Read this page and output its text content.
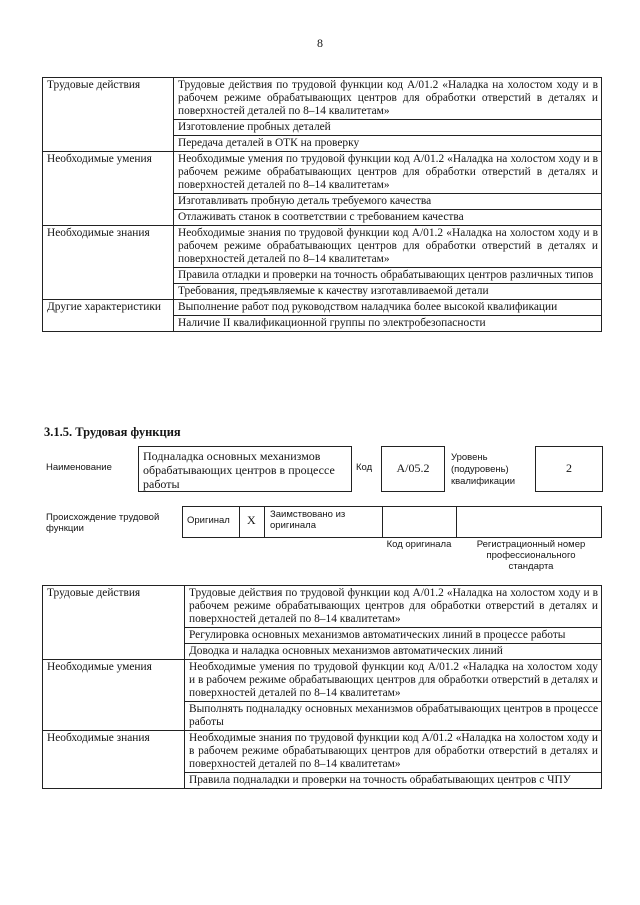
8
Трудовые действия	Трудовые действия по трудовой функции код А/01.2 «Наладка на холостом ходу и в рабочем режиме обрабатывающих центров для обработки отверстий в деталях и поверхностей деталей по 8–14 квалитетам»
	Изготовление пробных деталей
	Передача деталей в ОТК на проверку
Необходимые умения	Необходимые умения по трудовой функции код А/01.2 «Наладка на холостом ходу и в рабочем режиме обрабатывающих центров для обработки отверстий в деталях и поверхностей деталей по 8–14 квалитетам»
	Изготавливать пробную деталь требуемого качества
	Отлаживать станок в соответствии с требованием качества
Необходимые знания	Необходимые знания по трудовой функции код А/01.2 «Наладка на холостом ходу и в рабочем режиме обрабатывающих центров для обработки отверстий в деталях и поверхностей деталей по 8–14 квалитетам»
	Правила отладки и проверки на точность обрабатывающих центров различных типов
	Требования, предъявляемые к качеству изготавливаемой детали
Другие характеристики	Выполнение работ под руководством наладчика более высокой квалификации
	Наличие II квалификационной группы по электробезопасности
3.1.5. Трудовая функция
Наименование
Подналадка основных механизмов обрабатывающих центров в процессе работы
Код	А/05.2
Уровень (подуровень) квалификации
2
Происхождение трудовой функции
Оригинал X Заимствовано из оригинала
Код оригинала	Регистрационный номер профессионального стандарта
Трудовые действия	Трудовые действия по трудовой функции код А/01.2 «Наладка на холостом ходу и в рабочем режиме обрабатывающих центров для обработки отверстий в деталях и поверхностей деталей по 8–14 квалитетам»
	Регулировка основных механизмов автоматических линий в процессе работы
	Доводка и наладка основных механизмов автоматических линий
Необходимые умения	Необходимые умения по трудовой функции код А/01.2 «Наладка на холостом ходу и в рабочем режиме обрабатывающих центров для обработки отверстий в деталях и поверхностей деталей по 8–14 квалитетам»
	Выполнять подналадку основных механизмов обрабатывающих центров в процессе работы
Необходимые знания	Необходимые знания по трудовой функции код А/01.2 «Наладка на холостом ходу и в рабочем режиме обрабатывающих центров для обработки отверстий в деталях и поверхностей деталей по 8–14 квалитетам»
	Правила подналадки и проверки на точность обрабатывающих центров с ЧПУ
